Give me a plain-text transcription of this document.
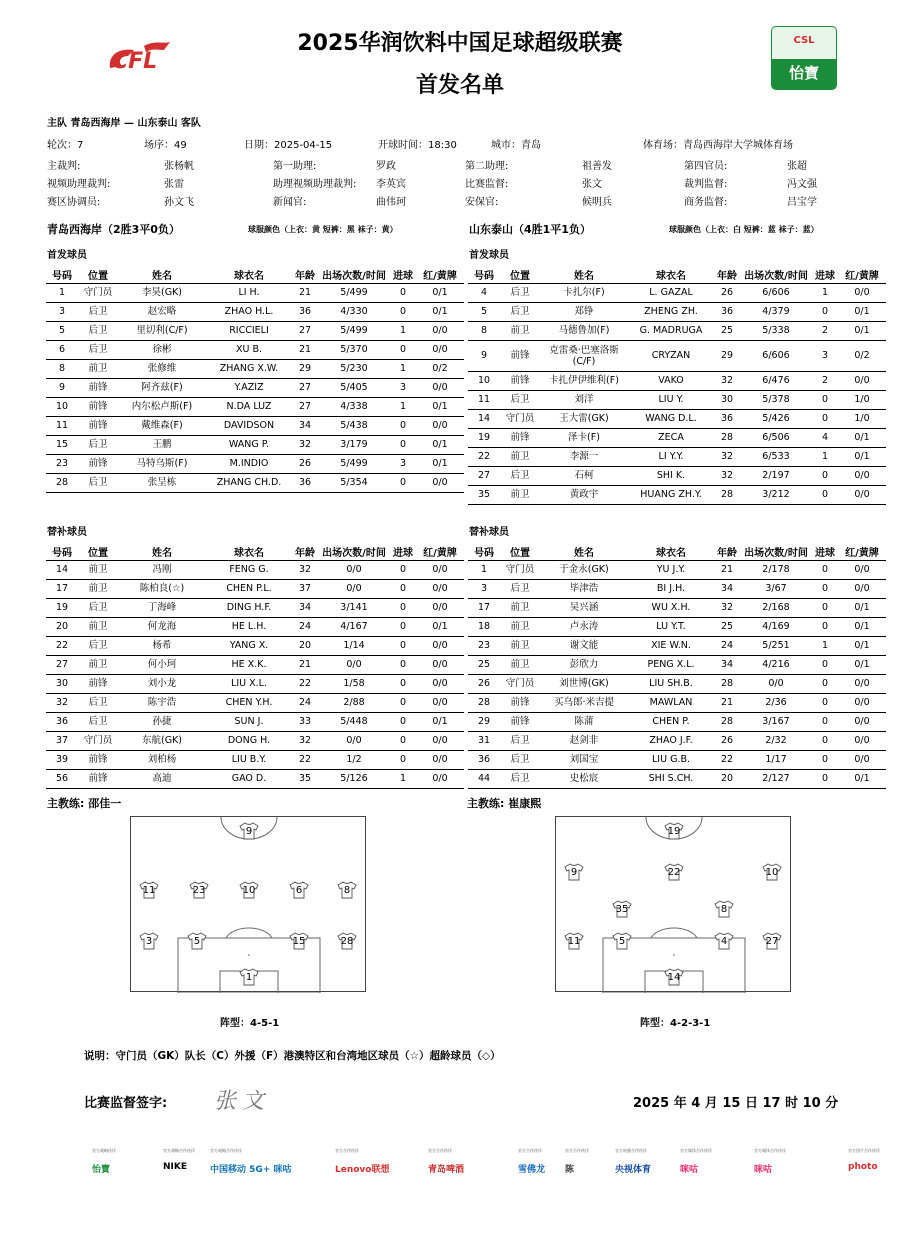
CFL
2025华润饮料中国足球超级联赛
首发名单
CSL
怡寶
主队 青岛西海岸 — 山东泰山 客队
轮次：7	场序：49	日期：2025-04-15	开球时间：18:30	城市：青岛	体育场：青岛西海岸大学城体育场
主裁判:	张杨帆	第一助理:	罗政	第二助理:	祖善发	第四官员:	张超
视频助理裁判:	张雷	助理视频助理裁判: 李英宾	比赛监督:	张文	裁判监督:	冯文强
赛区协调员:	孙文飞	新闻官:	曲伟珂	安保官:	候明兵	商务监督:	吕宝学
青岛西海岸（2胜3平0负）	球服颜色（上衣：黄 短裤：黑 袜子：黄）	山东泰山（4胜1平1负）	球服颜色（上衣：白 短裤：蓝 袜子：蓝）
首发球员	首发球员
号码	位置	姓名	球衣名	年龄	出场次数/时间	进球	红/黄牌
1	守门员	李昊(GK)	LI H.	21	5/499	0	0/1
3	后卫	赵宏略	ZHAO H.L.	36	4/330	0	0/1
5	后卫	里切利(C/F)	RICCIELI	27	5/499	1	0/0
6	后卫	徐彬	XU B.	21	5/370	0	0/0
8	前卫	张修维	ZHANG X.W.	29	5/230	1	0/2
9	前锋	阿齐兹(F)	Y.AZIZ	27	5/405	3	0/0
10	前锋	内尔松卢斯(F)	N.DA LUZ	27	4/338	1	0/1
11	前锋	戴维森(F)	DAVIDSON	34	5/438	0	0/0
15	后卫	王鹏	WANG P.	32	3/179	0	0/1
23	前锋	马特乌斯(F)	M.INDIO	26	5/499	3	0/1
28	后卫	张呈栋	ZHANG CH.D.	36	5/354	0	0/0
号码	位置	姓名	球衣名	年龄	出场次数/时间	进球	红/黄牌
4	后卫	卡扎尔(F)	L. GAZAL	26	6/606	1	0/0
5	后卫	郑铮	ZHENG ZH.	36	4/379	0	0/1
8	前卫	马德鲁加(F)	G. MADRUGA	25	5/338	2	0/1
9	前锋	克雷桑·巴塞洛斯(C/F)	CRYZAN	29	6/606	3	0/2
10	前锋	卡扎伊伊维利(F)	VAKO	32	6/476	2	0/0
11	后卫	刘洋	LIU Y.	30	5/378	0	1/0
14	守门员	王大雷(GK)	WANG D.L.	36	5/426	0	1/0
19	前锋	泽卡(F)	ZECA	28	6/506	4	0/1
22	前卫	李源一	LI Y.Y.	32	6/533	1	0/1
27	后卫	石柯	SHI K.	32	2/197	0	0/0
35	前卫	黄政宇	HUANG ZH.Y.	28	3/212	0	0/0
替补球员	替补球员
号码	位置	姓名	球衣名	年龄	出场次数/时间	进球	红/黄牌
14	前卫	冯刚	FENG G.	32	0/0	0	0/0
17	前卫	陈柏良(☆)	CHEN P.L.	37	0/0	0	0/0
19	后卫	丁海峰	DING H.F.	34	3/141	0	0/0
20	前卫	何龙海	HE L.H.	24	4/167	0	0/1
22	后卫	杨希	YANG X.	20	1/14	0	0/0
27	前卫	何小珂	HE X.K.	21	0/0	0	0/0
30	前锋	刘小龙	LIU X.L.	22	1/58	0	0/0
32	后卫	陈宇浩	CHEN Y.H.	24	2/88	0	0/0
36	后卫	孙捷	SUN J.	33	5/448	0	0/1
37	守门员	东航(GK)	DONG H.	32	0/0	0	0/0
39	前锋	刘柏杨	LIU B.Y.	22	1/2	0	0/0
56	前锋	高迪	GAO D.	35	5/126	1	0/0
号码	位置	姓名	球衣名	年龄	出场次数/时间	进球	红/黄牌
1	守门员	于金永(GK)	YU J.Y.	21	2/178	0	0/0
3	后卫	毕津浩	BI J.H.	34	3/67	0	0/0
17	前卫	吴兴涵	WU X.H.	32	2/168	0	0/1
18	前卫	卢永涛	LU Y.T.	25	4/169	0	0/1
23	前卫	谢文能	XIE W.N.	24	5/251	1	0/1
25	前卫	彭欣力	PENG X.L.	34	4/216	0	0/1
26	守门员	刘世博(GK)	LIU SH.B.	28	0/0	0	0/0
28	前锋	买乌郎·米吉提	MAWLAN	21	2/36	0	0/0
29	前锋	陈蒲	CHEN P.	28	3/167	0	0/0
31	后卫	赵剑非	ZHAO J.F.	26	2/32	0	0/0
36	后卫	刘国宝	LIU G.B.	22	1/17	0	0/0
44	后卫	史松宸	SHI S.CH.	20	2/127	0	0/1
主教练: 邵佳一	主教练: 崔康熙
9
11	23	10	6	8
3	5	15	28
1
19
9	22	10
35	8
11	5	4	27
14
阵型：4-5-1	阵型：4-2-3-1
说明：守门员（GK）队长（C）外援（F）港澳特区和台湾地区球员（☆）超龄球员（◇）
比赛监督签字: 张文	2025 年 4 月 15 日 17 时 10 分
官方战略伙伴
怡寶
官方战略合作伙伴
NIKE
官方战略合作伙伴
中国移动 5G+ 咪咕
官方合作伙伴
Lenovo联想
官方合作伙伴
青岛啤酒
官方合作伙伴
雪佛龙
官方合作伙伴
陈
官方转播合作伙伴
央视体育
官方媒体合作伙伴
咪咕
官方媒体合作伙伴
咪咕
官方图片合作伙伴
photo
